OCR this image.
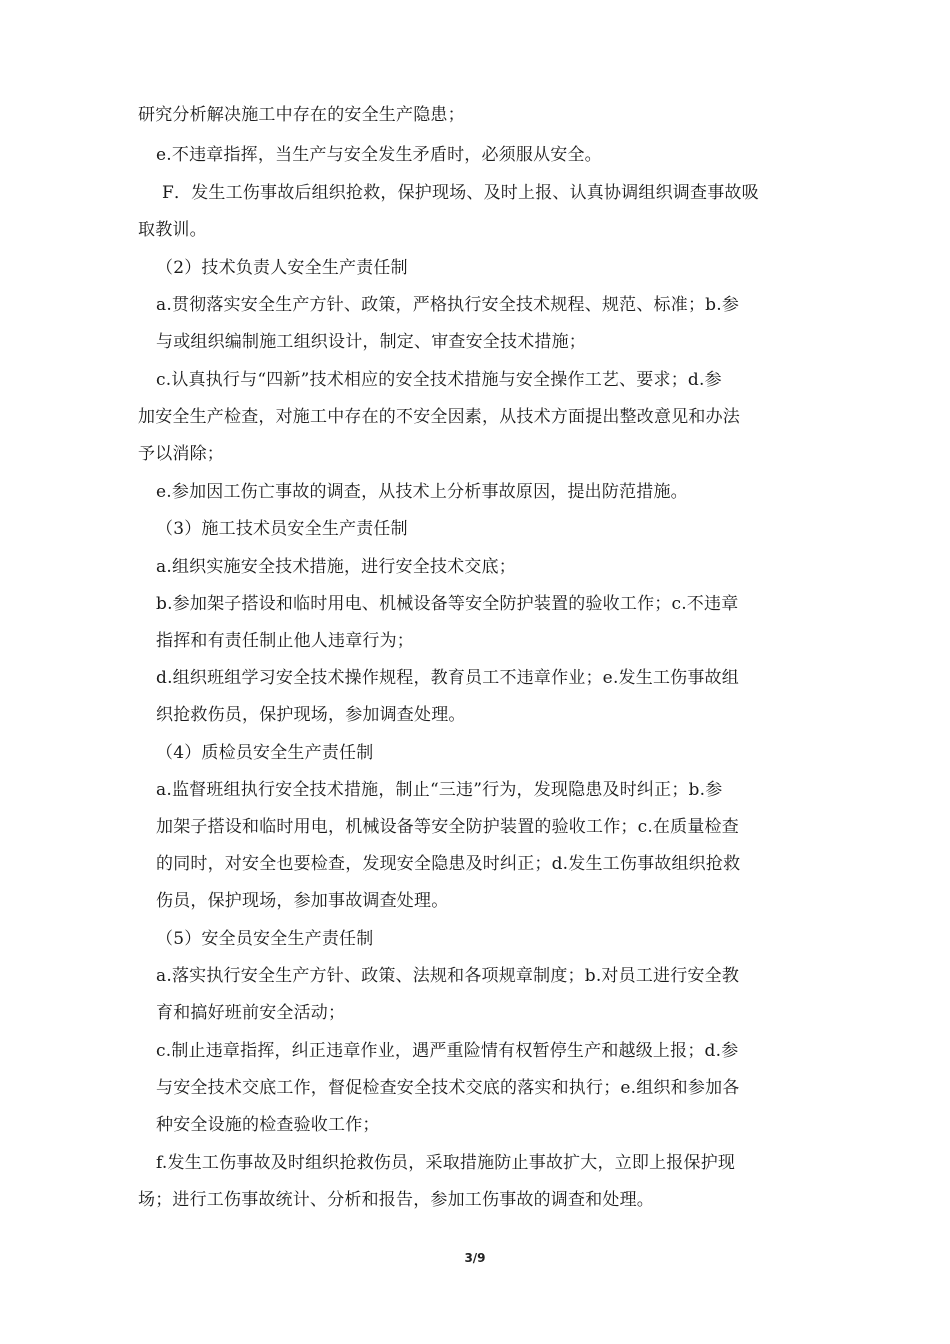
研究分析解决施工中存在的安全生产隐患；
e.不违章指挥，当生产与安全发生矛盾时，必须服从安全。
F．发生工伤事故后组织抢救，保护现场、及时上报、认真协调组织调查事故吸
取教训。
（2）技术负责人安全生产责任制
a.贯彻落实安全生产方针、政策，严格执行安全技术规程、规范、标准；b.参
与或组织编制施工组织设计，制定、审查安全技术措施；
c.认真执行与“四新”技术相应的安全技术措施与安全操作工艺、要求；d.参
加安全生产检查，对施工中存在的不安全因素，从技术方面提出整改意见和办法
予以消除；
e.参加因工伤亡事故的调查，从技术上分析事故原因，提出防范措施。
（3）施工技术员安全生产责任制
a.组织实施安全技术措施，进行安全技术交底；
b.参加架子搭设和临时用电、机械设备等安全防护装置的验收工作；c.不违章
指挥和有责任制止他人违章行为；
d.组织班组学习安全技术操作规程，教育员工不违章作业；e.发生工伤事故组
织抢救伤员，保护现场，参加调查处理。
（4）质检员安全生产责任制
a.监督班组执行安全技术措施，制止“三违”行为，发现隐患及时纠正；b.参
加架子搭设和临时用电，机械设备等安全防护装置的验收工作；c.在质量检查
的同时，对安全也要检查，发现安全隐患及时纠正；d.发生工伤事故组织抢救
伤员，保护现场，参加事故调查处理。
（5）安全员安全生产责任制
a.落实执行安全生产方针、政策、法规和各项规章制度；b.对员工进行安全教
育和搞好班前安全活动；
c.制止违章指挥，纠正违章作业，遇严重险情有权暂停生产和越级上报；d.参
与安全技术交底工作，督促检查安全技术交底的落实和执行；e.组织和参加各
种安全设施的检查验收工作；
f.发生工伤事故及时组织抢救伤员，采取措施防止事故扩大，立即上报保护现
场；进行工伤事故统计、分析和报告，参加工伤事故的调查和处理。
3/9
